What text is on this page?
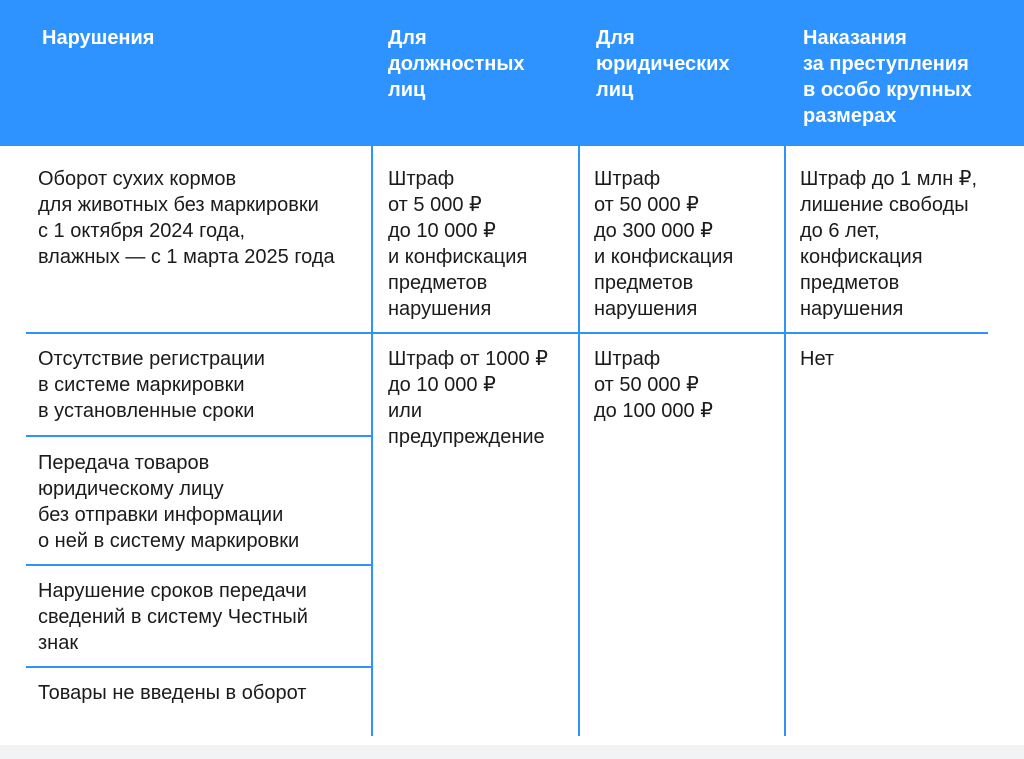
Нарушения	Для
должностных
лиц
Для
юридических
лиц
Наказания
за преступления
в особо крупных
размерах
Оборот сухих кормов
для животных без маркировки
с 1 октября 2024 года,
влажных — с 1 марта 2025 года
Штраф
от 5 000 ₽
до 10 000 ₽
и конфискация
предметов
нарушения
Штраф
от 50 000 ₽
до 300 000 ₽
и конфискация
предметов
нарушения
Штраф до 1 млн ₽,
лишение свободы
до 6 лет,
конфискация
предметов
нарушения
Отсутствие регистрации
в системе маркировки
в установленные сроки
Передача товаров
юридическому лицу
без отправки информации
о ней в систему маркировки
Нарушение сроков передачи
сведений в систему Честный
знак
Товары не введены в оборот
Штраф от 1000 ₽
до 10 000 ₽
или
предупреждение
Штраф
от 50 000 ₽
до 100 000 ₽
Нет
